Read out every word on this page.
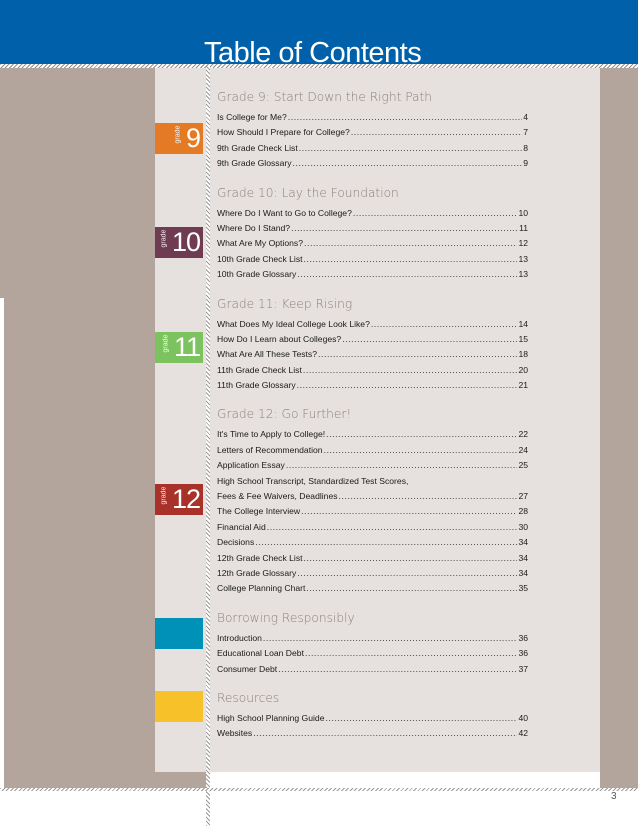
Table of Contents
grade 9
grade 10
grade 11
grade 12
Grade 9: Start Down the Right Path
Is College for Me? .....	4
How Should I Prepare for College? .....	7
9th Grade Check List .....	8
9th Grade Glossary .....	9
Grade 10: Lay the Foundation
Where Do I Want to Go to College? .....	10
Where Do I Stand? .....	11
What Are My Options? .....	12
10th Grade Check List .....	13
10th Grade Glossary .....	13
Grade 11: Keep Rising
What Does My Ideal College Look Like? .....	14
How Do I Learn about Colleges? .....	15
What Are All These Tests? .....	18
11th Grade Check List .....	20
11th Grade Glossary .....	21
Grade 12: Go Further!
It's Time to Apply to College! .....	22
Letters of Recommendation .....	24
Application Essay .....	25
High School Transcript, Standardized Test Scores,
Fees & Fee Waivers, Deadlines .....	27
The College Interview .....	28
Financial Aid .....	30
Decisions .....	34
12th Grade Check List .....	34
12th Grade Glossary .....	34
College Planning Chart .....	35
Borrowing Responsibly
Introduction .....	36
Educational Loan Debt .....	36
Consumer Debt .....	37
Resources
High School Planning Guide .....	40
Websites .....	42
3
